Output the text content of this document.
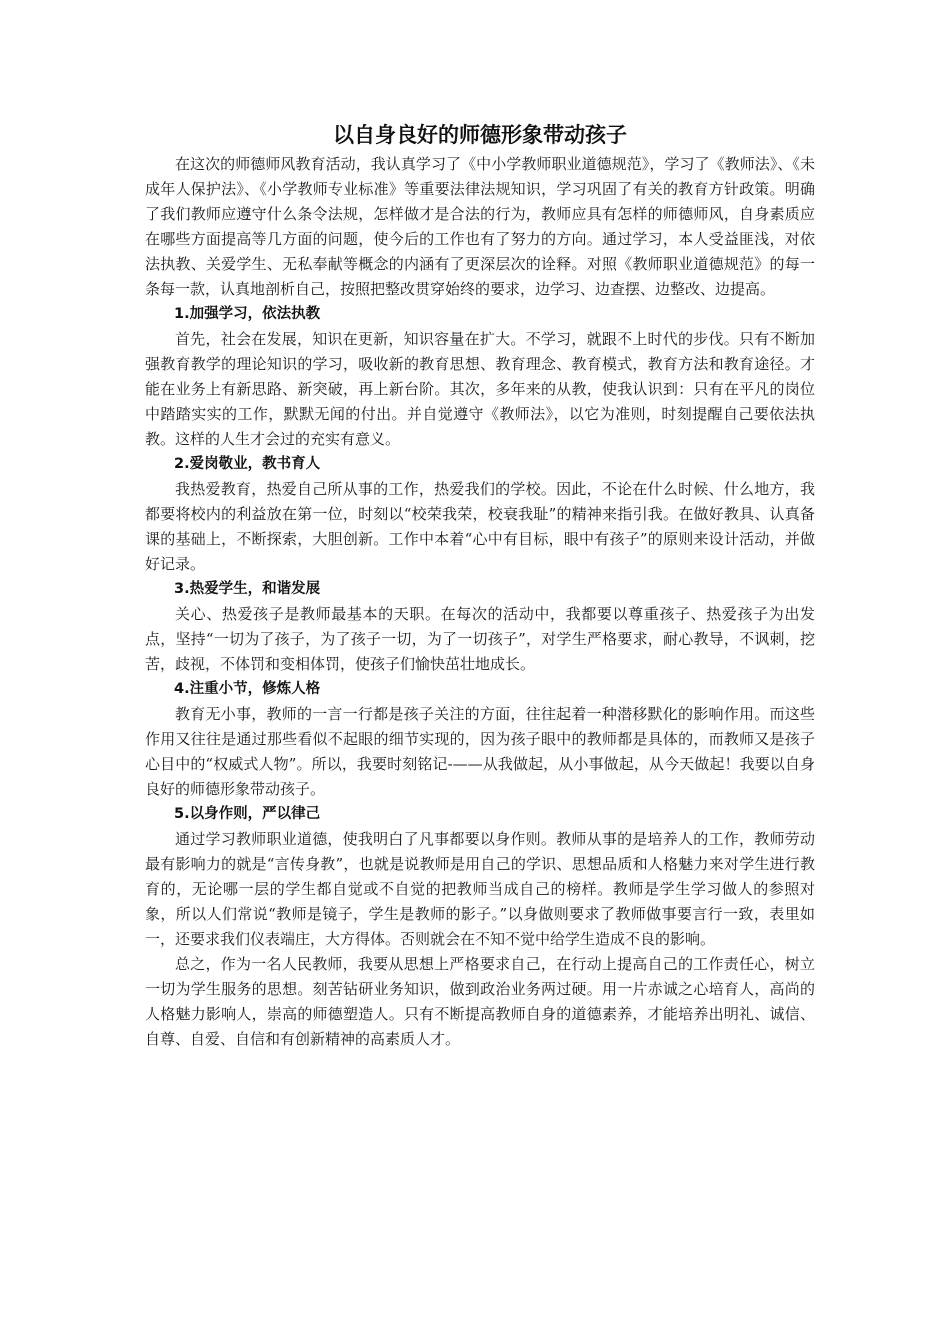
以自身良好的师德形象带动孩子

在这次的师德师风教育活动，我认真学习了《中小学教师职业道德规范》，学习了《教师法》、《未成年人保护法》、《小学教师专业标准》等重要法律法规知识，学习巩固了有关的教育方针政策。明确了我们教师应遵守什么条令法规，怎样做才是合法的行为，教师应具有怎样的师德师风，自身素质应在哪些方面提高等几方面的问题，使今后的工作也有了努力的方向。通过学习，本人受益匪浅，对依法执教、关爱学生、无私奉献等概念的内涵有了更深层次的诠释。对照《教师职业道德规范》的每一条每一款，认真地剖析自己，按照把整改贯穿始终的要求，边学习、边查摆、边整改、边提高。

1.加强学习，依法执教

首先，社会在发展，知识在更新，知识容量在扩大。不学习，就跟不上时代的步伐。只有不断加强教育教学的理论知识的学习，吸收新的教育思想、教育理念、教育模式，教育方法和教育途径。才能在业务上有新思路、新突破，再上新台阶。其次，多年来的从教，使我认识到：只有在平凡的岗位中踏踏实实的工作，默默无闻的付出。并自觉遵守《教师法》，以它为准则，时刻提醒自己要依法执教。这样的人生才会过的充实有意义。

2.爱岗敬业，教书育人

我热爱教育，热爱自己所从事的工作，热爱我们的学校。因此，不论在什么时候、什么地方，我都要将校内的利益放在第一位，时刻以“校荣我荣，校衰我耻”的精神来指引我。在做好教具、认真备课的基础上，不断探索，大胆创新。工作中本着“心中有目标，眼中有孩子”的原则来设计活动，并做好记录。

3.热爱学生，和谐发展

关心、热爱孩子是教师最基本的天职。在每次的活动中，我都要以尊重孩子、热爱孩子为出发点，坚持“一切为了孩子，为了孩子一切，为了一切孩子”，对学生严格要求，耐心教导，不讽刺，挖苦，歧视，不体罚和变相体罚，使孩子们愉快茁壮地成长。

4.注重小节，修炼人格

教育无小事，教师的一言一行都是孩子关注的方面，往往起着一种潜移默化的影响作用。而这些作用又往往是通过那些看似不起眼的细节实现的，因为孩子眼中的教师都是具体的，而教师又是孩子心目中的“权威式人物”。所以，我要时刻铭记-——从我做起，从小事做起，从今天做起！我要以自身良好的师德形象带动孩子。

5.以身作则，严以律己

通过学习教师职业道德，使我明白了凡事都要以身作则。教师从事的是培养人的工作，教师劳动最有影响力的就是“言传身教”，也就是说教师是用自己的学识、思想品质和人格魅力来对学生进行教育的，无论哪一层的学生都自觉或不自觉的把教师当成自己的榜样。教师是学生学习做人的参照对象，所以人们常说“教师是镜子，学生是教师的影子。”以身做则要求了教师做事要言行一致，表里如一，还要求我们仪表端庄，大方得体。否则就会在不知不觉中给学生造成不良的影响。

总之，作为一名人民教师，我要从思想上严格要求自己，在行动上提高自己的工作责任心，树立一切为学生服务的思想。刻苦钻研业务知识，做到政治业务两过硬。用一片赤诚之心培育人，高尚的人格魅力影响人，崇高的师德塑造人。只有不断提高教师自身的道德素养，才能培养出明礼、诚信、自尊、自爱、自信和有创新精神的高素质人才。
